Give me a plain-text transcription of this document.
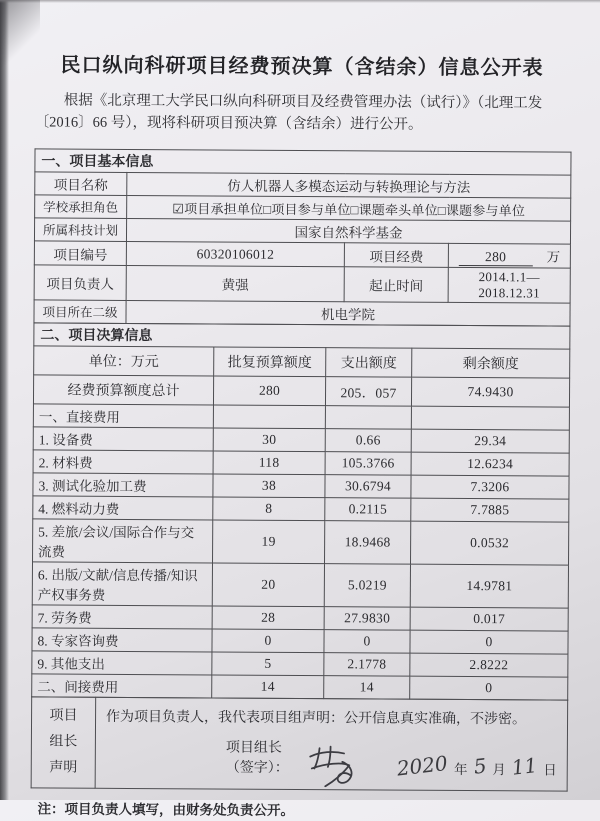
民口纵向科研项目经费预决算（含结余）信息公开表

根据《北京理工大学民口纵向科研项目及经费管理办法（试行）》（北理工发〔2016〕66 号），现将科研项目预决算（含结余）进行公开。

一、项目基本信息			
项目名称	仿人机器人多模态运动与转换理论与方法		
学校承担角色	☑项目承担单位□项目参与单位□课题牵头单位□课题参与单位		
所属科技计划	国家自然科学基金		
项目编号	60320106012	项目经费	280 万
项目负责人	黄强	起止时间	2014.1.1—2018.12.31
项目所在二级	机电学院		
二、项目决算信息			
单位：万元	批复预算额度	支出额度	剩余额度
经费预算额度总计	280	205．057	74.9430
一、直接费用			
1. 设备费	30	0.66	29.34
2. 材料费	118	105.3766	12.6234
3. 测试化验加工费	38	30.6794	7.3206
4. 燃料动力费	8	0.2115	7.7885
5. 差旅/会议/国际合作与交流费	19	18.9468	0.0532
6. 出版/文献/信息传播/知识产权事务费	20	5.0219	14.9781
7. 劳务费	28	27.9830	0.017
8. 专家咨询费	0	0	0
9. 其他支出	5	2.1778	2.8222
二、间接费用	14	14	0
项目
组长
声明

作为项目负责人，我代表项目组声明：公开信息真实准确，不涉密。
项目组长（签字）：	2020 年 5 月 11 日
注：项目负责人填写，由财务处负责公开。
